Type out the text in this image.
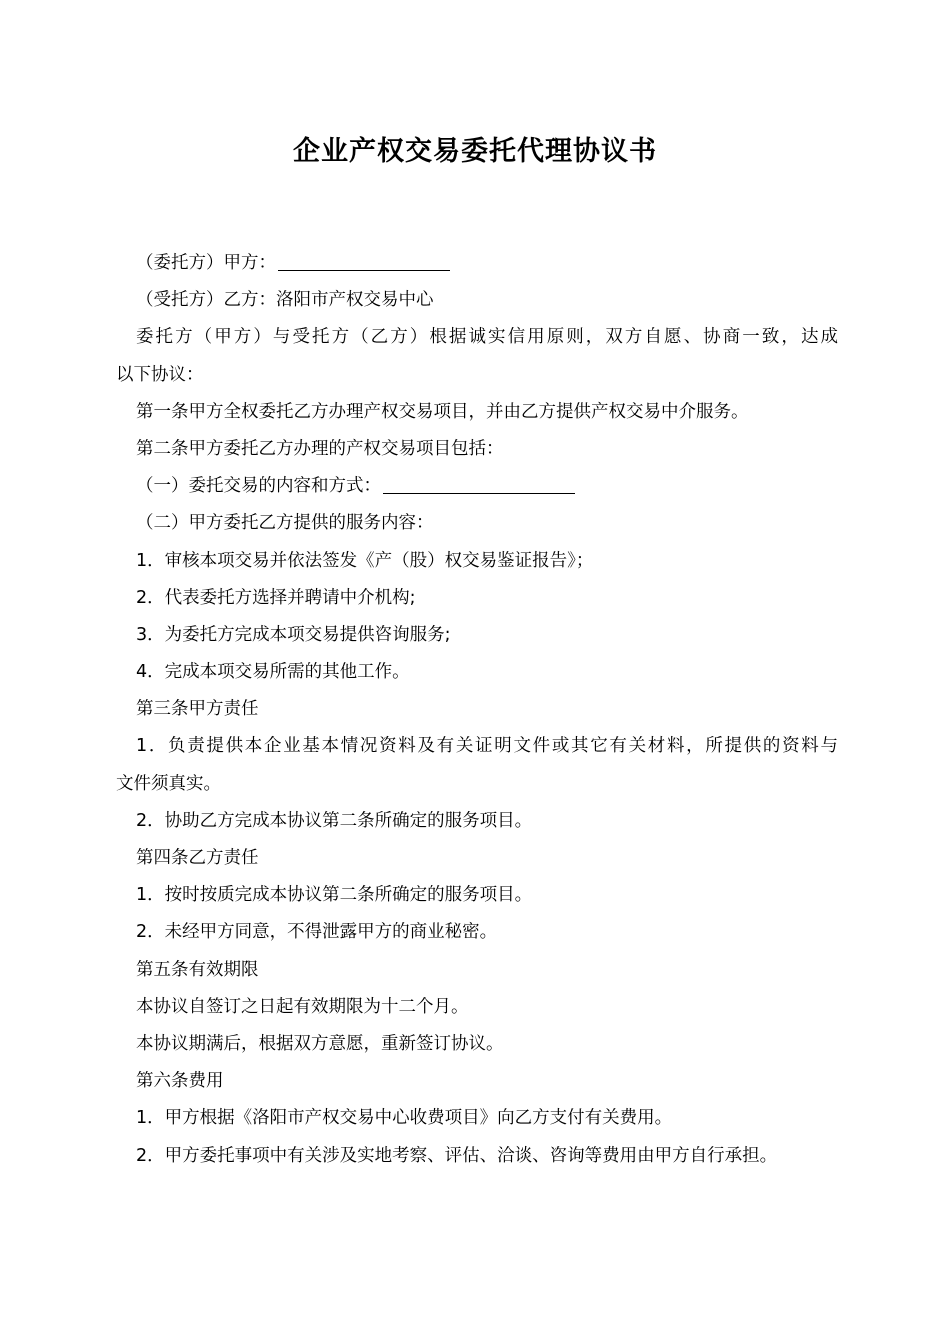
企业产权交易委托代理协议书
（委托方）甲方：
（受托方）乙方：洛阳市产权交易中心
委托方（甲方）与受托方（乙方）根据诚实信用原则，双方自愿、协商一致，达成
以下协议：
第一条甲方全权委托乙方办理产权交易项目，并由乙方提供产权交易中介服务。
第二条甲方委托乙方办理的产权交易项目包括：
（一）委托交易的内容和方式：
（二）甲方委托乙方提供的服务内容：
1．审核本项交易并依法签发《产（股）权交易鉴证报告》；
2．代表委托方选择并聘请中介机构;
3．为委托方完成本项交易提供咨询服务;
4．完成本项交易所需的其他工作。
第三条甲方责任
1．负责提供本企业基本情况资料及有关证明文件或其它有关材料，所提供的资料与
文件须真实。
2．协助乙方完成本协议第二条所确定的服务项目。
第四条乙方责任
1．按时按质完成本协议第二条所确定的服务项目。
2．未经甲方同意，不得泄露甲方的商业秘密。
第五条有效期限
本协议自签订之日起有效期限为十二个月。
本协议期满后，根据双方意愿，重新签订协议。
第六条费用
1．甲方根据《洛阳市产权交易中心收费项目》向乙方支付有关费用。
2．甲方委托事项中有关涉及实地考察、评估、洽谈、咨询等费用由甲方自行承担。
